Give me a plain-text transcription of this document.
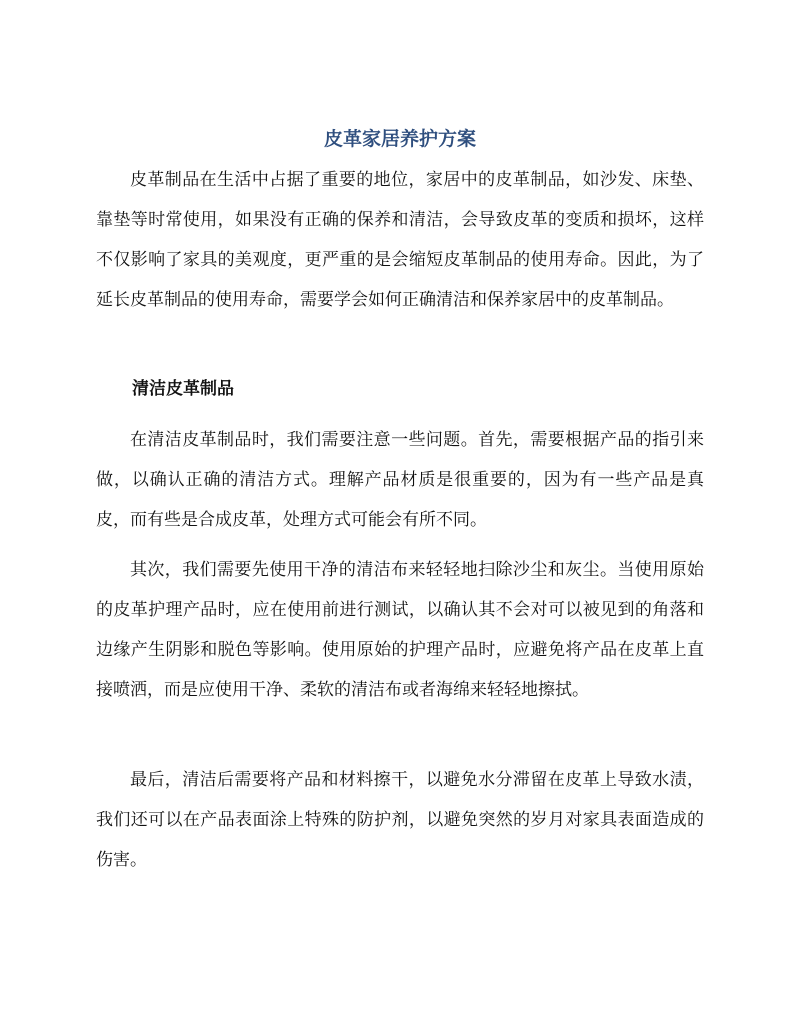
皮革家居养护方案

皮革制品在生活中占据了重要的地位，家居中的皮革制品，如沙发、床垫、靠垫等时常使用，如果没有正确的保养和清洁，会导致皮革的变质和损坏，这样不仅影响了家具的美观度，更严重的是会缩短皮革制品的使用寿命。因此，为了延长皮革制品的使用寿命，需要学会如何正确清洁和保养家居中的皮革制品。

清洁皮革制品

在清洁皮革制品时，我们需要注意一些问题。首先，需要根据产品的指引来做，以确认正确的清洁方式。理解产品材质是很重要的，因为有一些产品是真皮，而有些是合成皮革，处理方式可能会有所不同。

其次，我们需要先使用干净的清洁布来轻轻地扫除沙尘和灰尘。当使用原始的皮革护理产品时，应在使用前进行测试，以确认其不会对可以被见到的角落和边缘产生阴影和脱色等影响。使用原始的护理产品时，应避免将产品在皮革上直接喷洒，而是应使用干净、柔软的清洁布或者海绵来轻轻地擦拭。

最后，清洁后需要将产品和材料擦干，以避免水分滞留在皮革上导致水渍，我们还可以在产品表面涂上特殊的防护剂，以避免突然的岁月对家具表面造成的伤害。
